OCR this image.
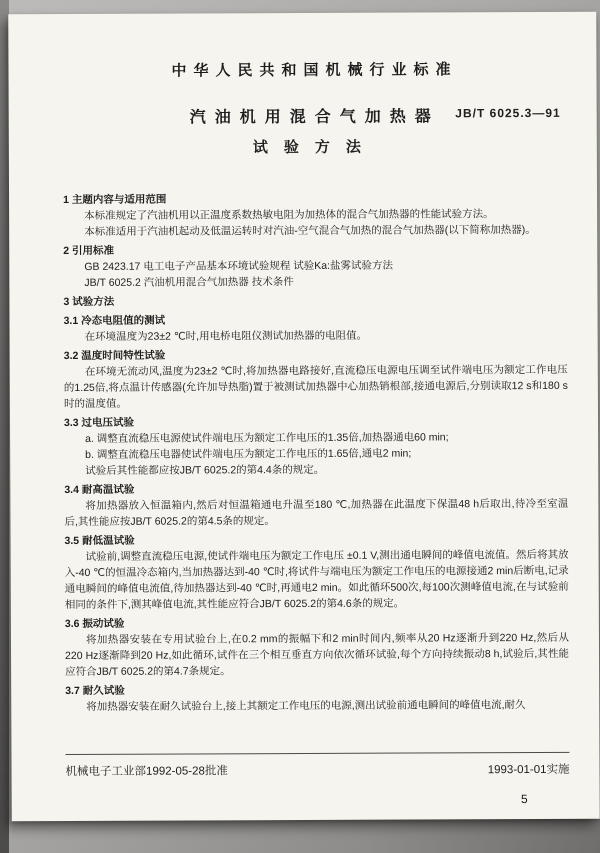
中华人民共和国机械行业标准
汽油机用混合气加热器
试验方法
JB/T 6025.3—91
1 主题内容与适用范围
本标准规定了汽油机用以正温度系数热敏电阻为加热体的混合气加热器的性能试验方法。
本标准适用于汽油机起动及低温运转时对汽油-空气混合气加热的混合气加热器(以下简称加热器)。
2 引用标准
GB 2423.17 电工电子产品基本环境试验规程 试验Ka:盐雾试验方法
JB/T 6025.2 汽油机用混合气加热器 技术条件
3 试验方法
3.1 冷态电阻值的测试
在环境温度为23±2 ℃时,用电桥电阻仪测试加热器的电阻值。
3.2 温度时间特性试验
在环境无流动风,温度为23±2 ℃时,将加热器电路接好,直流稳压电源电压调至试件端电压为额定工作电压的1.25倍,将点温计传感器(允许加导热脂)置于被测试加热器中心加热销根部,接通电源后,分别读取12 s和180 s时的温度值。
3.3 过电压试验
a. 调整直流稳压电源使试件端电压为额定工作电压的1.35倍,加热器通电60 min;
b. 调整直流稳压电器使试件端电压为额定工作电压的1.65倍,通电2 min;
试验后其性能都应按JB/T 6025.2的第4.4条的规定。
3.4 耐高温试验
将加热器放入恒温箱内,然后对恒温箱通电升温至180 ℃,加热器在此温度下保温48 h后取出,待冷至室温后,其性能应按JB/T 6025.2的第4.5条的规定。
3.5 耐低温试验
试验前,调整直流稳压电源,使试件端电压为额定工作电压 ±0.1 V,测出通电瞬间的峰值电流值。然后将其放入-40 ℃的恒温冷态箱内,当加热器达到-40 ℃时,将试件与端电压为额定工作电压的电源接通2 min后断电,记录通电瞬间的峰值电流值,待加热器达到-40 ℃时,再通电2 min。如此循环500次,每100次测峰值电流,在与试验前相同的条件下,测其峰值电流,其性能应符合JB/T 6025.2的第4.6条的规定。
3.6 振动试验
将加热器安装在专用试验台上,在0.2 mm的振幅下和2 min时间内,频率从20 Hz逐渐升到220 Hz,然后从220 Hz逐渐降到20 Hz,如此循环,试件在三个相互垂直方向依次循环试验,每个方向持续振动8 h,试验后,其性能应符合JB/T 6025.2的第4.7条规定。
3.7 耐久试验
将加热器安装在耐久试验台上,接上其额定工作电压的电源,测出试验前通电瞬间的峰值电流,耐久
机械电子工业部1992-05-28批准	1993-01-01实施
5
